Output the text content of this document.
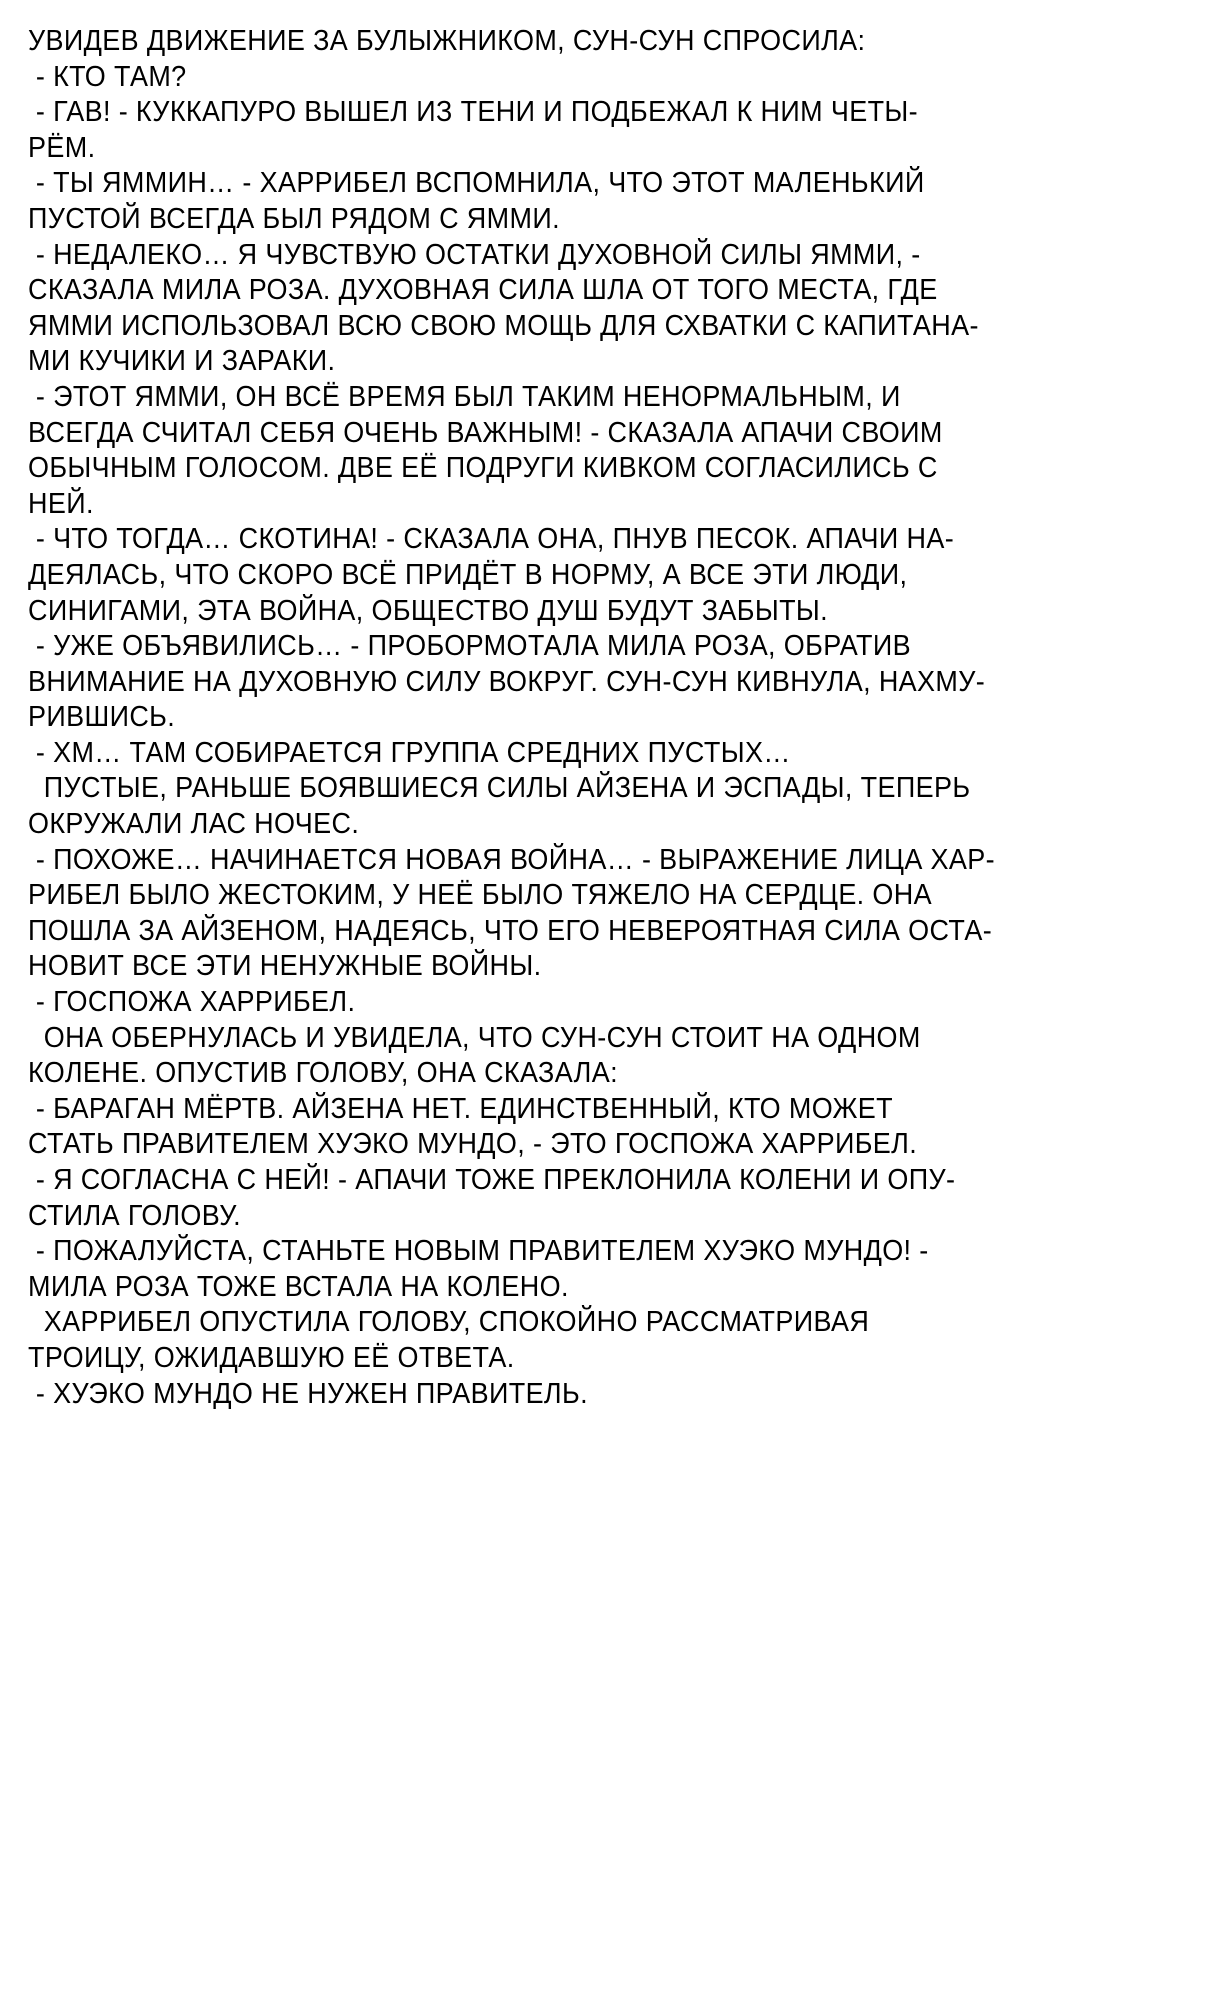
УВИДЕВ ДВИЖЕНИЕ ЗА БУЛЫЖНИКОМ, СУН-СУН СПРОСИЛА:
- КТО ТАМ?
- ГАВ! - КУККАПУРО ВЫШЕЛ ИЗ ТЕНИ И ПОДБЕЖАЛ К НИМ ЧЕТЫ-
РЁМ.
- ТЫ ЯММИН… - ХАРРИБЕЛ ВСПОМНИЛА, ЧТО ЭТОТ МАЛЕНЬКИЙ
ПУСТОЙ ВСЕГДА БЫЛ РЯДОМ С ЯММИ.
- НЕДАЛЕКО… Я ЧУВСТВУЮ ОСТАТКИ ДУХОВНОЙ СИЛЫ ЯММИ, -
СКАЗАЛА МИЛА РОЗА. ДУХОВНАЯ СИЛА ШЛА ОТ ТОГО МЕСТА, ГДЕ
ЯММИ ИСПОЛЬЗОВАЛ ВСЮ СВОЮ МОЩЬ ДЛЯ СХВАТКИ С КАПИТАНА-
МИ КУЧИКИ И ЗАРАКИ.
- ЭТОТ ЯММИ, ОН ВСЁ ВРЕМЯ БЫЛ ТАКИМ НЕНОРМАЛЬНЫМ, И
ВСЕГДА СЧИТАЛ СЕБЯ ОЧЕНЬ ВАЖНЫМ! - СКАЗАЛА АПАЧИ СВОИМ
ОБЫЧНЫМ ГОЛОСОМ. ДВЕ ЕЁ ПОДРУГИ КИВКОМ СОГЛАСИЛИСЬ С
НЕЙ.
- ЧТО ТОГДА… СКОТИНА! - СКАЗАЛА ОНА, ПНУВ ПЕСОК. АПАЧИ НА-
ДЕЯЛАСЬ, ЧТО СКОРО ВСЁ ПРИДЁТ В НОРМУ, А ВСЕ ЭТИ ЛЮДИ,
СИНИГАМИ, ЭТА ВОЙНА, ОБЩЕСТВО ДУШ БУДУТ ЗАБЫТЫ.
- УЖЕ ОБЪЯВИЛИСЬ… - ПРОБОРМОТАЛА МИЛА РОЗА, ОБРАТИВ
ВНИМАНИЕ НА ДУХОВНУЮ СИЛУ ВОКРУГ. СУН-СУН КИВНУЛА, НАХМУ-
РИВШИСЬ.
- ХМ… ТАМ СОБИРАЕТСЯ ГРУППА СРЕДНИХ ПУСТЫХ…
ПУСТЫЕ, РАНЬШЕ БОЯВШИЕСЯ СИЛЫ АЙЗЕНА И ЭСПАДЫ, ТЕПЕРЬ
ОКРУЖАЛИ ЛАС НОЧЕС.
- ПОХОЖЕ… НАЧИНАЕТСЯ НОВАЯ ВОЙНА… - ВЫРАЖЕНИЕ ЛИЦА ХАР-
РИБЕЛ БЫЛО ЖЕСТОКИМ, У НЕЁ БЫЛО ТЯЖЕЛО НА СЕРДЦЕ. ОНА
ПОШЛА ЗА АЙЗЕНОМ, НАДЕЯСЬ, ЧТО ЕГО НЕВЕРОЯТНАЯ СИЛА ОСТА-
НОВИТ ВСЕ ЭТИ НЕНУЖНЫЕ ВОЙНЫ.
- ГОСПОЖА ХАРРИБЕЛ.
ОНА ОБЕРНУЛАСЬ И УВИДЕЛА, ЧТО СУН-СУН СТОИТ НА ОДНОМ
КОЛЕНЕ. ОПУСТИВ ГОЛОВУ, ОНА СКАЗАЛА:
- БАРАГАН МЁРТВ. АЙЗЕНА НЕТ. ЕДИНСТВЕННЫЙ, КТО МОЖЕТ
СТАТЬ ПРАВИТЕЛЕМ ХУЭКО МУНДО, - ЭТО ГОСПОЖА ХАРРИБЕЛ.
- Я СОГЛАСНА С НЕЙ! - АПАЧИ ТОЖЕ ПРЕКЛОНИЛА КОЛЕНИ И ОПУ-
СТИЛА ГОЛОВУ.
- ПОЖАЛУЙСТА, СТАНЬТЕ НОВЫМ ПРАВИТЕЛЕМ ХУЭКО МУНДО! -
МИЛА РОЗА ТОЖЕ ВСТАЛА НА КОЛЕНО.
ХАРРИБЕЛ ОПУСТИЛА ГОЛОВУ, СПОКОЙНО РАССМАТРИВАЯ
ТРОИЦУ, ОЖИДАВШУЮ ЕЁ ОТВЕТА.
- ХУЭКО МУНДО НЕ НУЖЕН ПРАВИТЕЛЬ.
